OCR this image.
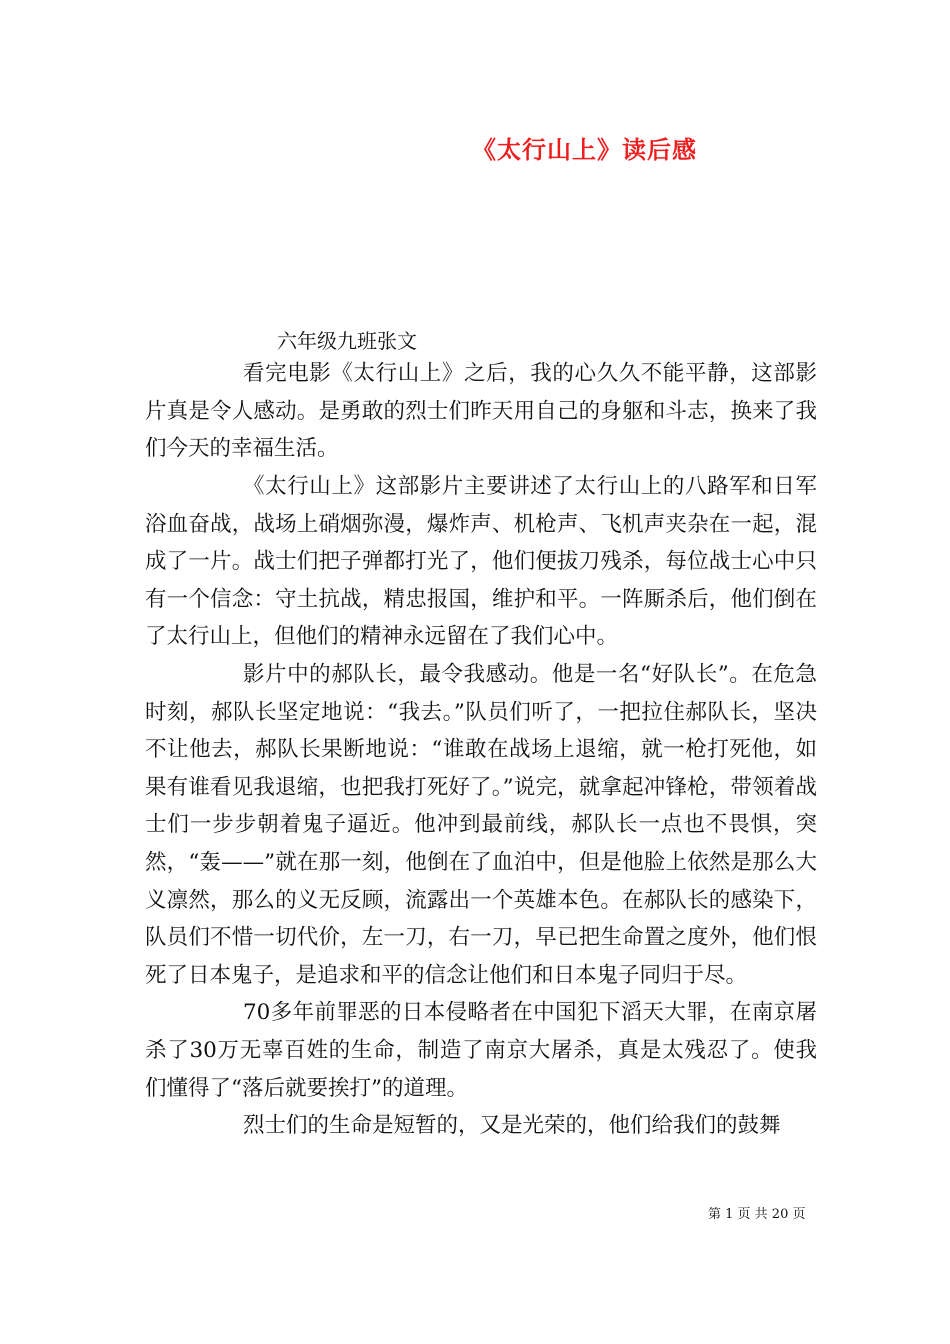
《太行山上》读后感
六年级九班张文

看完电影《太行山上》之后，我的心久久不能平静，这部影片真是令人感动。是勇敢的烈士们昨天用自己的身躯和斗志，换来了我们今天的幸福生活。

《太行山上》这部影片主要讲述了太行山上的八路军和日军浴血奋战，战场上硝烟弥漫，爆炸声、机枪声、飞机声夹杂在一起，混成了一片。战士们把子弹都打光了，他们便拔刀残杀，每位战士心中只有一个信念：守土抗战，精忠报国，维护和平。一阵厮杀后，他们倒在了太行山上，但他们的精神永远留在了我们心中。

影片中的郝队长，最令我感动。他是一名“好队长”。在危急时刻，郝队长坚定地说：“我去。”队员们听了，一把拉住郝队长，坚决不让他去，郝队长果断地说：“谁敢在战场上退缩，就一枪打死他，如果有谁看见我退缩，也把我打死好了。”说完，就拿起冲锋枪，带领着战士们一步步朝着鬼子逼近。他冲到最前线，郝队长一点也不畏惧，突然，“轰——”就在那一刻，他倒在了血泊中，但是他脸上依然是那么大义凛然，那么的义无反顾，流露出一个英雄本色。在郝队长的感染下，队员们不惜一切代价，左一刀，右一刀，早已把生命置之度外，他们恨死了日本鬼子，是追求和平的信念让他们和日本鬼子同归于尽。

70多年前罪恶的日本侵略者在中国犯下滔天大罪，在南京屠杀了30万无辜百姓的生命，制造了南京大屠杀，真是太残忍了。使我们懂得了“落后就要挨打”的道理。

烈士们的生命是短暂的，又是光荣的，他们给我们的鼓舞

第 1 页 共 20 页
